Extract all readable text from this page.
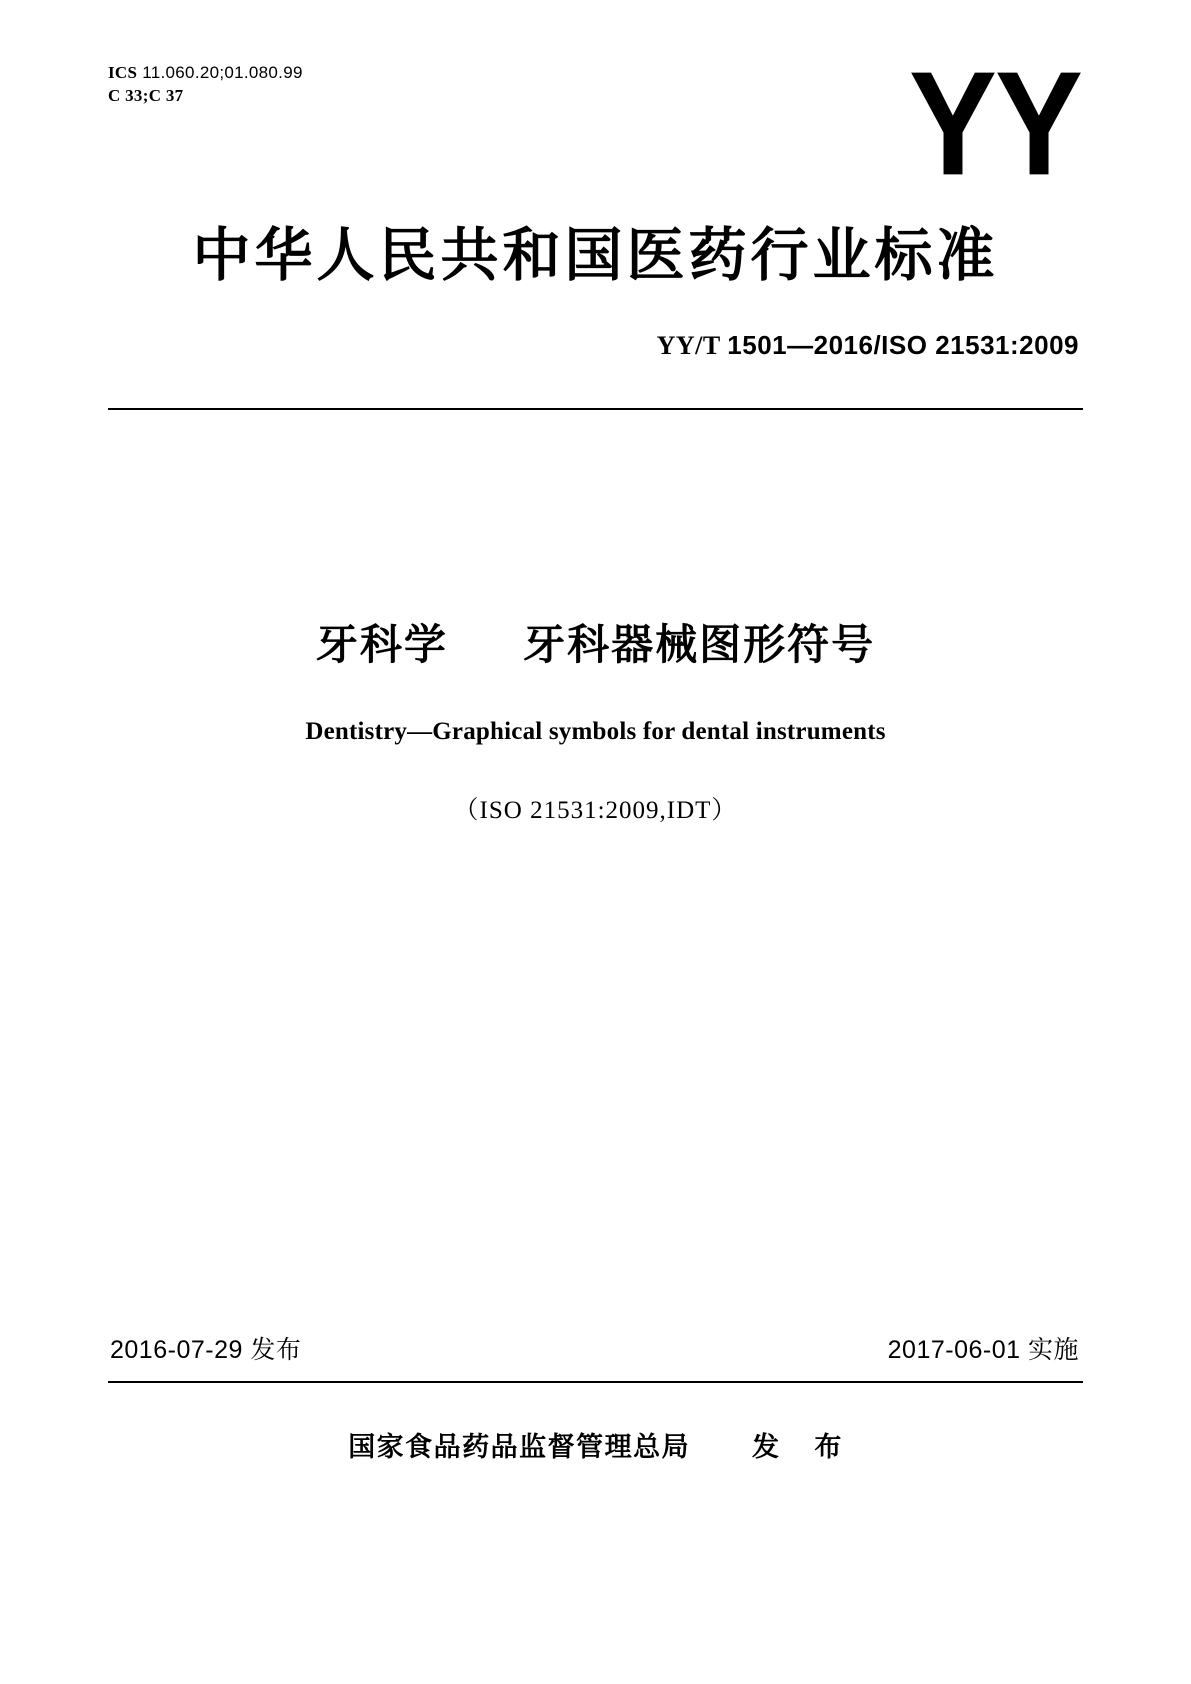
ICS 11.060.20;01.080.99
C 33;C 37	YY
中华人民共和国医药行业标准
YY/T 1501—2016/ISO 21531:2009
牙科学 牙科器械图形符号
Dentistry—Graphical symbols for dental instruments
（ISO 21531:2009,IDT）
2016-07-29 发布	2017-06-01 实施
国家食品药品监督管理总局 发 布
